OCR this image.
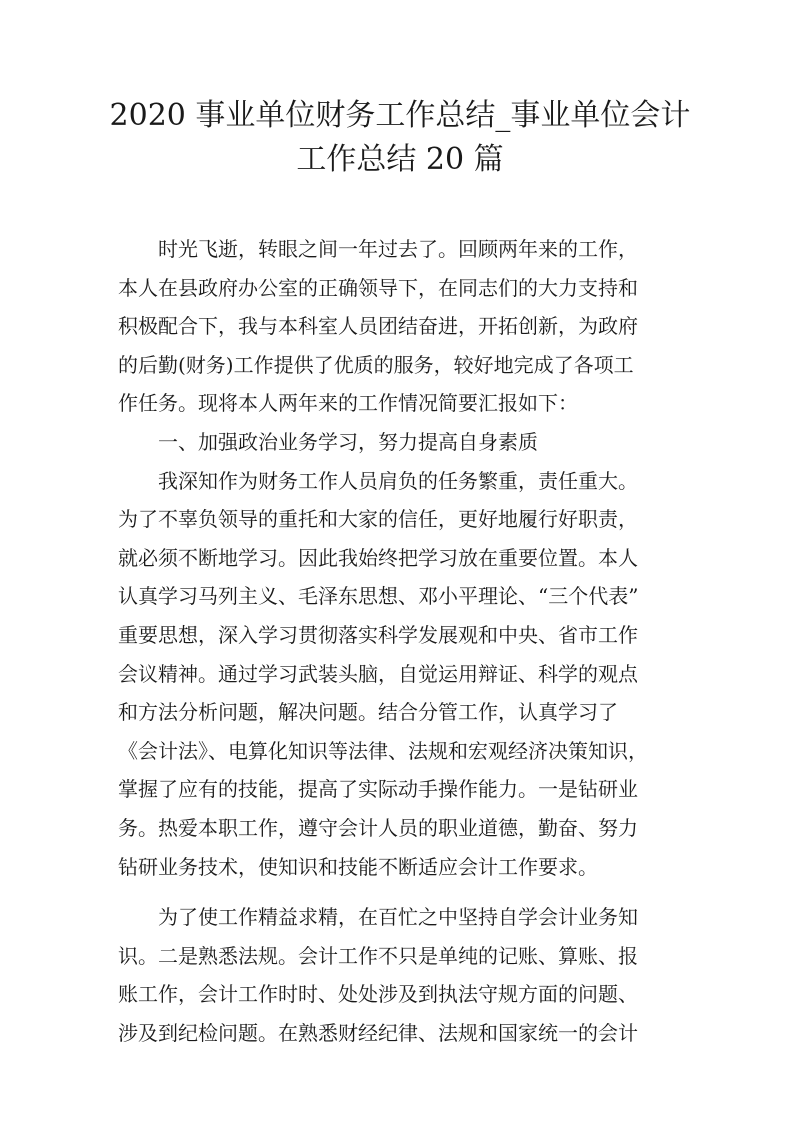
2020 事业单位财务工作总结_事业单位会计
工作总结 20 篇
　　时光飞逝，转眼之间一年过去了。回顾两年来的工作，
本人在县政府办公室的正确领导下，在同志们的大力支持和
积极配合下，我与本科室人员团结奋进，开拓创新，为政府
的后勤(财务)工作提供了优质的服务，较好地完成了各项工
作任务。现将本人两年来的工作情况简要汇报如下：
　　一、加强政治业务学习，努力提高自身素质
　　我深知作为财务工作人员肩负的任务繁重，责任重大。
为了不辜负领导的重托和大家的信任，更好地履行好职责，
就必须不断地学习。因此我始终把学习放在重要位置。本人
认真学习马列主义、毛泽东思想、邓小平理论、“三个代表”
重要思想，深入学习贯彻落实科学发展观和中央、省市工作
会议精神。通过学习武装头脑，自觉运用辩证、科学的观点
和方法分析问题，解决问题。结合分管工作，认真学习了
《会计法》、电算化知识等法律、法规和宏观经济决策知识，
掌握了应有的技能，提高了实际动手操作能力。一是钻研业
务。热爱本职工作，遵守会计人员的职业道德，勤奋、努力
钻研业务技术，使知识和技能不断适应会计工作要求。
　　为了使工作精益求精，在百忙之中坚持自学会计业务知
识。二是熟悉法规。会计工作不只是单纯的记账、算账、报
账工作，会计工作时时、处处涉及到执法守规方面的问题、
涉及到纪检问题。在熟悉财经纪律、法规和国家统一的会计
